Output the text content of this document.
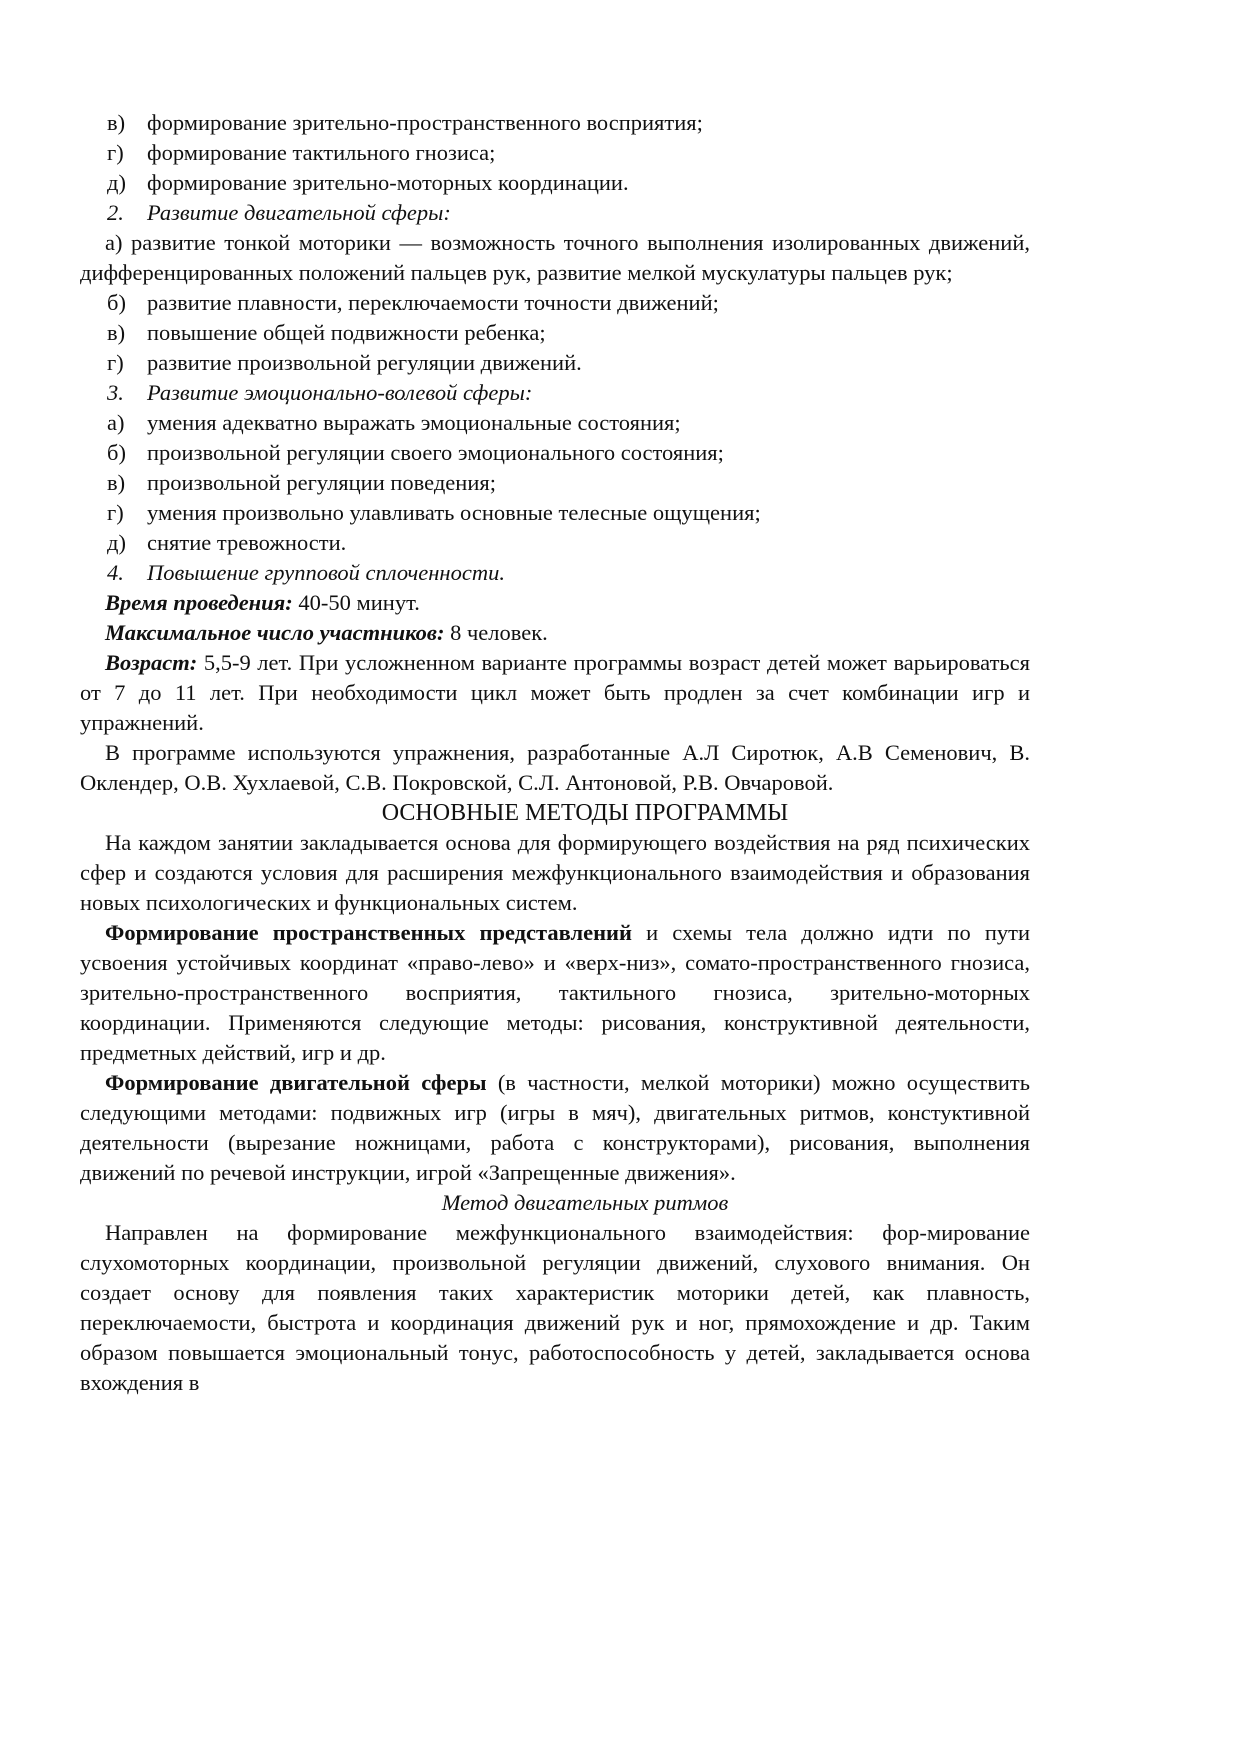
в) формирование зрительно-пространственного восприятия;
г) формирование тактильного гнозиса;
д) формирование зрительно-моторных координации.
2. Развитие двигательной сферы:
а) развитие тонкой моторики — возможность точного выполнения изолированных движений, дифференцированных положений пальцев рук, развитие мелкой мускулатуры пальцев рук;
б) развитие плавности, переключаемости точности движений;
в) повышение общей подвижности ребенка;
г) развитие произвольной регуляции движений.
3. Развитие эмоционально-волевой сферы:
а) умения адекватно выражать эмоциональные состояния;
б) произвольной регуляции своего эмоционального состояния;
в) произвольной регуляции поведения;
г) умения произвольно улавливать основные телесные ощущения;
д) снятие тревожности.
4. Повышение групповой сплоченности.
Время проведения: 40-50 минут.
Максимальное число участников: 8 человек.
Возраст: 5,5-9 лет. При усложненном варианте программы возраст детей может варьироваться от 7 до 11 лет. При необходимости цикл может быть продлен за счет комбинации игр и упражнений.
В программе используются упражнения, разработанные А.Л Сиротюк, А.В Семенович, В. Оклендер, О.В. Хухлаевой, С.В. Покровской, С.Л. Антоновой, Р.В. Овчаровой.
ОСНОВНЫЕ МЕТОДЫ ПРОГРАММЫ
На каждом занятии закладывается основа для формирующего воздействия на ряд психических сфер и создаются условия для расширения межфункционального взаимодействия и образования новых психологических и функциональных систем.
Формирование пространственных представлений и схемы тела должно идти по пути усвоения устойчивых координат «право-лево» и «верх-низ», сомато-пространственного гнозиса, зрительно-пространственного восприятия, тактильного гнозиса, зрительно-моторных координации. Применяются следующие методы: рисования, конструктивной деятельности, предметных действий, игр и др.
Формирование двигательной сферы (в частности, мелкой моторики) можно осуществить следующими методами: подвижных игр (игры в мяч), двигательных ритмов, констуктивной деятельности (вырезание ножницами, работа с конструкторами), рисования, выполнения движений по речевой инструкции, игрой «Запрещенные движения».
Метод двигательных ритмов
Направлен на формирование межфункционального взаимодействия: фор-мирование слухомоторных координации, произвольной регуляции движений, слухового внимания. Он создает основу для появления таких характеристик моторики детей, как плавность, переключаемости, быстрота и координация движений рук и ног, прямохождение и др. Таким образом повышается эмоциональный тонус, работоспособность у детей, закладывается основа вхождения в
